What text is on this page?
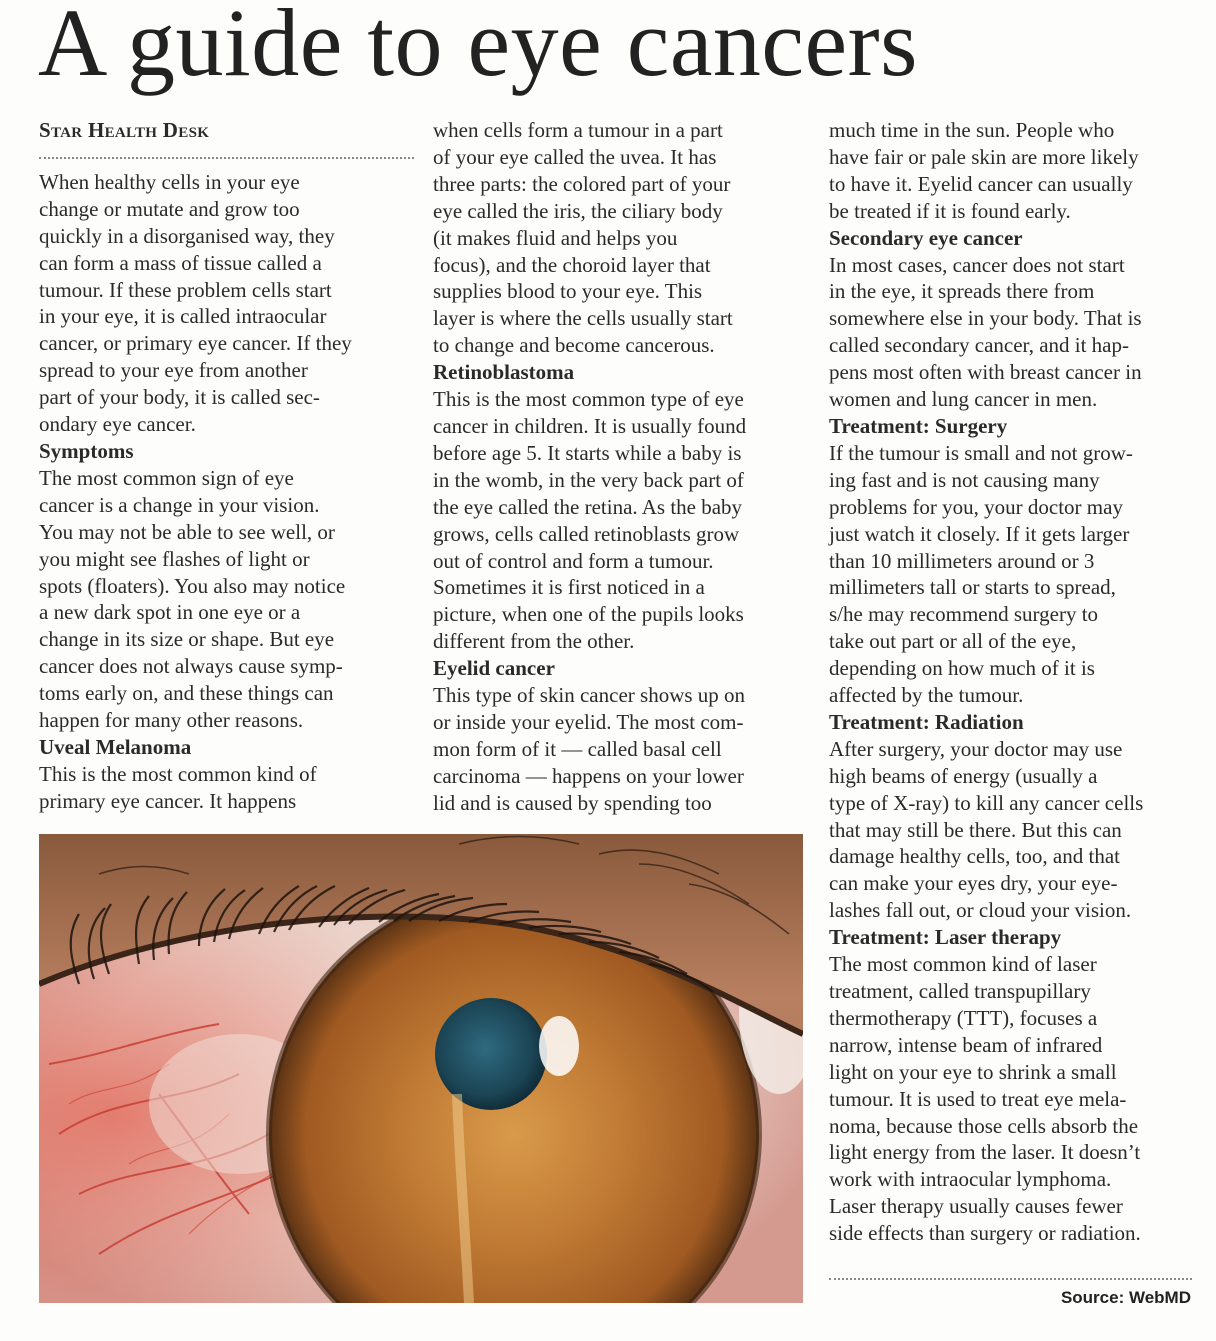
A guide to eye cancers

Star Health Desk

When healthy cells in your eye
change or mutate and grow too
quickly in a disorganised way, they
can form a mass of tissue called a
tumour. If these problem cells start
in your eye, it is called intraocular
cancer, or primary eye cancer. If they
spread to your eye from another
part of your body, it is called sec-
ondary eye cancer.

Symptoms

The most common sign of eye
cancer is a change in your vision.
You may not be able to see well, or
you might see flashes of light or
spots (floaters). You also may notice
a new dark spot in one eye or a
change in its size or shape. But eye
cancer does not always cause symp-
toms early on, and these things can
happen for many other reasons.

Uveal Melanoma

This is the most common kind of
primary eye cancer. It happens

when cells form a tumour in a part
of your eye called the uvea. It has
three parts: the colored part of your
eye called the iris, the ciliary body
(it makes fluid and helps you
focus), and the choroid layer that
supplies blood to your eye. This
layer is where the cells usually start
to change and become cancerous.

Retinoblastoma

This is the most common type of eye
cancer in children. It is usually found
before age 5. It starts while a baby is
in the womb, in the very back part of
the eye called the retina. As the baby
grows, cells called retinoblasts grow
out of control and form a tumour.
Sometimes it is first noticed in a
picture, when one of the pupils looks
different from the other.

Eyelid cancer

This type of skin cancer shows up on
or inside your eyelid. The most com-
mon form of it — called basal cell
carcinoma — happens on your lower
lid and is caused by spending too

much time in the sun. People who
have fair or pale skin are more likely
to have it. Eyelid cancer can usually
be treated if it is found early.

Secondary eye cancer

In most cases, cancer does not start
in the eye, it spreads there from
somewhere else in your body. That is
called secondary cancer, and it hap-
pens most often with breast cancer in
women and lung cancer in men.

Treatment: Surgery

If the tumour is small and not grow-
ing fast and is not causing many
problems for you, your doctor may
just watch it closely. If it gets larger
than 10 millimeters around or 3
millimeters tall or starts to spread,
s/he may recommend surgery to
take out part or all of the eye,
depending on how much of it is
affected by the tumour.

Treatment: Radiation

After surgery, your doctor may use
high beams of energy (usually a
type of X-ray) to kill any cancer cells
that may still be there. But this can
damage healthy cells, too, and that
can make your eyes dry, your eye-
lashes fall out, or cloud your vision.

Treatment: Laser therapy

The most common kind of laser
treatment, called transpupillary
thermotherapy (TTT), focuses a
narrow, intense beam of infrared
light on your eye to shrink a small
tumour. It is used to treat eye mela-
noma, because those cells absorb the
light energy from the laser. It doesn’t
work with intraocular lymphoma.
Laser therapy usually causes fewer
side effects than surgery or radiation.

Source: WebMD
